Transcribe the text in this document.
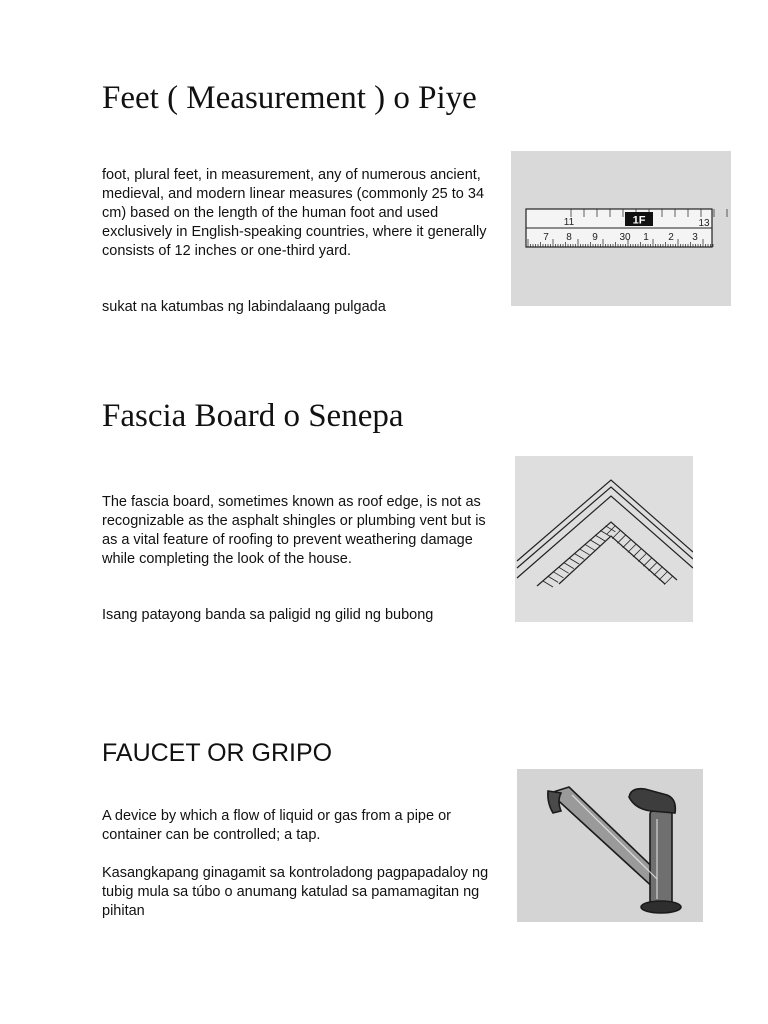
Feet ( Measurement ) o Piye

foot, plural feet, in measurement, any of numerous ancient, medieval, and modern linear measures (commonly 25 to 34 cm) based on the length of the human foot and used exclusively in English-speaking countries, where it generally consists of 12 inches or one-third yard.

sukat na katumbas ng labindalaang pulgada

1F
11	13
7 8 9 30 1 2 3
Fascia Board o Senepa

The fascia board, sometimes known as roof edge, is not as recognizable as the asphalt shingles or plumbing vent but is as a vital feature of roofing to prevent weathering damage while completing the look of the house.

Isang patayong banda sa paligid ng gilid ng bubong

FAUCET OR GRIPO

A device by which a flow of liquid or gas from a pipe or container can be controlled; a tap.

Kasangkapang ginagamit sa kontroladong pagpapadaloy ng tubig mula sa túbo o anumang katulad sa pamamagitan ng pihitan
